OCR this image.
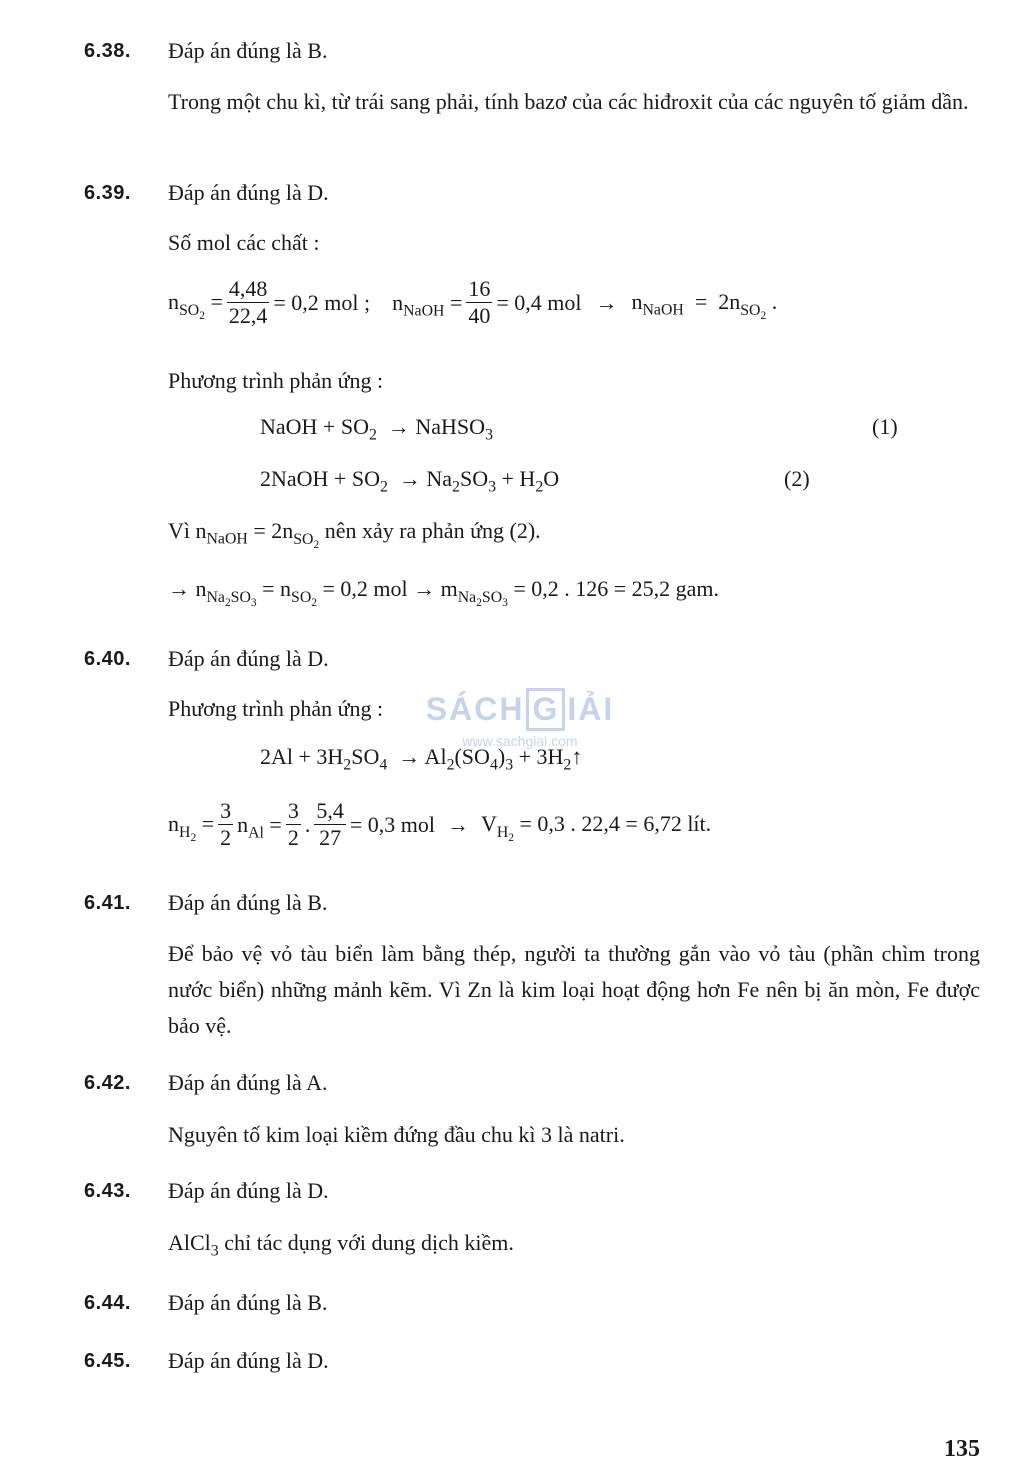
6.38. Đáp án đúng là B.
Trong một chu kì, từ trái sang phải, tính bazơ của các hiđroxit của các nguyên tố giảm dần.
6.39. Đáp án đúng là D.
Số mol các chất :
$n_{SO_2} = \frac{4,48}{22,4} = 0,2$ mol ; $n_{NaOH} = \frac{16}{40} = 0,4$ mol → $n_{NaOH} = 2n_{SO_2}$ .
Phương trình phản ứng :
NaOH + $SO_2$  → NaHSO$_3$	(1)
2NaOH + $SO_2 \to Na_2SO_3 + H_2O$	(2)
Vì $n_{NaOH} = 2n_{SO_2}$ nên xảy ra phản ứng (2).
→ $n_{Na_2SO_3} = n_{SO_2} = 0,2$ mol → $m_{Na_2SO_3} = 0,2$ . 126 = 25,2 gam.
6.40. Đáp án đúng là D.
Phương trình phản ứng :
$2Al + 3H_2SO_4 \to Al_2(SO_4)_3$ + $3H_2↑$
$n_{H_2} = \frac{3}{2} n_{Al} = \frac{3}{2}$ . $\frac{5,4}{27} = 0,3$ mol → $V_{H_2} = 0,3$ . 22,4 = 6,72 lít.
6.41. Đáp án đúng là B.
Để bảo vệ vỏ tàu biển làm bằng thép, người ta thường gắn vào vỏ tàu (phần chìm trong nước biển) những mảnh kẽm. Vì Zn là kim loại hoạt động hơn Fe nên bị ăn mòn, Fe được bảo vệ.
6.42. Đáp án đúng là A.
Nguyên tố kim loại kiềm đứng đầu chu kì 3 là natri.
6.43. Đáp án đúng là D.
AlCl$_3$ chỉ tác dụng với dung dịch kiềm.
6.44. Đáp án đúng là B.
6.45. Đáp án đúng là D.
SÁCH G IẢI
www.sachgiai.com
135
